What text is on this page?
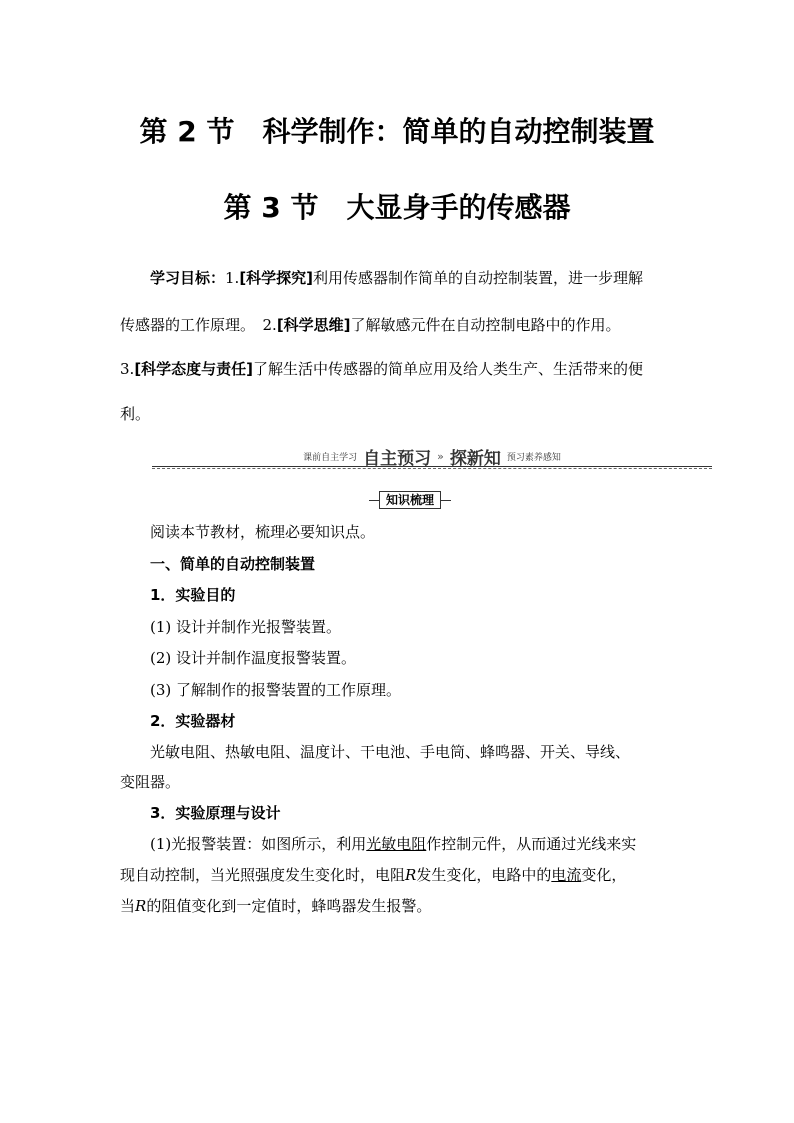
第 2 节　科学制作：简单的自动控制装置
第 3 节　大显身手的传感器
学习目标：1.[科学探究]利用传感器制作简单的自动控制装置，进一步理解
传感器的工作原理。　2.[科学思维]了解敏感元件在自动控制电路中的作用。
3.[科学态度与责任]了解生活中传感器的简单应用及给人类生产、生活带来的便
利。
课前自主学习 自主预习 » 探新知 预习素养感知
知识梳理
阅读本节教材，梳理必要知识点。
一、简单的自动控制装置
1．实验目的
(1) 设计并制作光报警装置。
(2) 设计并制作温度报警装置。
(3) 了解制作的报警装置的工作原理。
2．实验器材
光敏电阻、热敏电阻、温度计、干电池、手电筒、蜂鸣器、开关、导线、
变阻器。
3．实验原理与设计
(1)光报警装置：如图所示，利用光敏电阻作控制元件，从而通过光线来实
现自动控制，当光照强度发生变化时，电阻R发生变化，电路中的电流变化，
当R的阻值变化到一定值时，蜂鸣器发生报警。
